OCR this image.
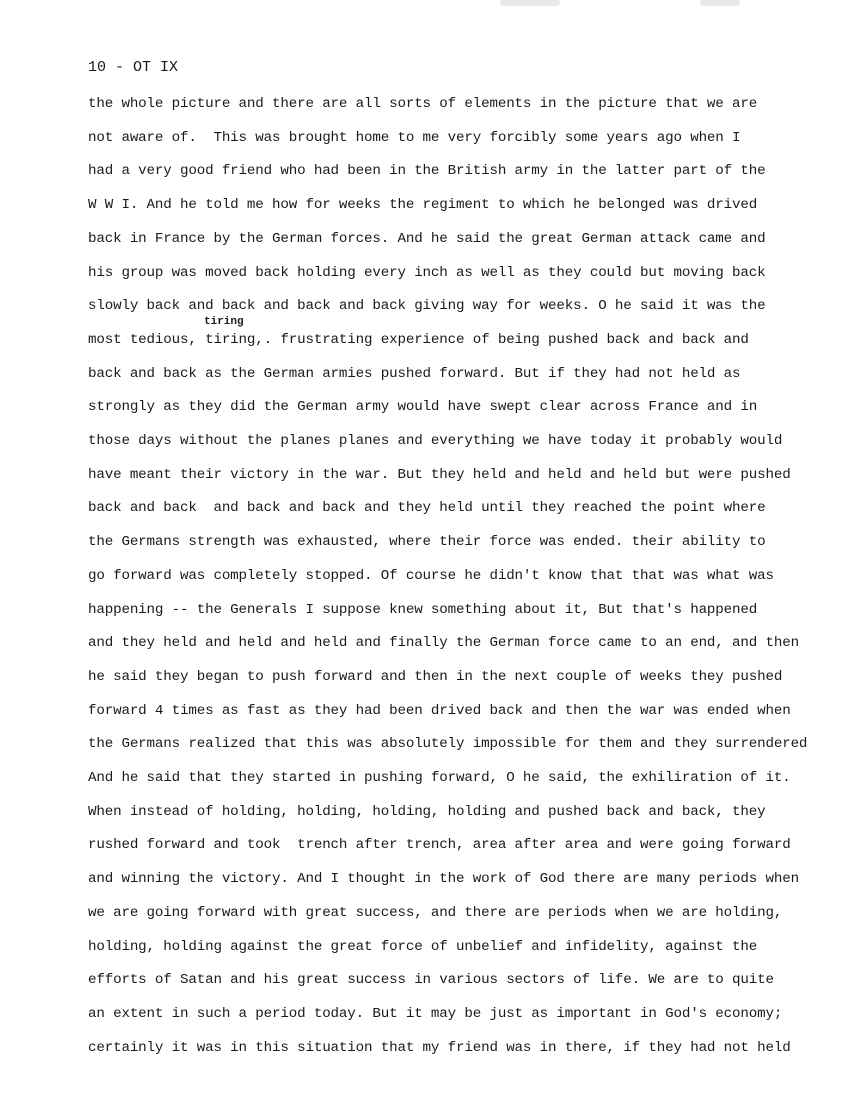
10 - OT IX
tiring
the whole picture and there are all sorts of elements in the picture that we are
not aware of.  This was brought home to me very forcibly some years ago when I
had a very good friend who had been in the British army in the latter part of the
W W I. And he told me how for weeks the regiment to which he belonged was drived
back in France by the German forces. And he said the great German attack came and
his group was moved back holding every inch as well as they could but moving back
slowly back and back and back and back giving way for weeks. O he said it was the
most tedious, tiring,. frustrating experience of being pushed back and back and
back and back as the German armies pushed forward. But if they had not held as
strongly as they did the German army would have swept clear across France and in
those days without the planes planes and everything we have today it probably would
have meant their victory in the war. But they held and held and held but were pushed
back and back  and back and back and they held until they reached the point where
the Germans strength was exhausted, where their force was ended. their ability to
go forward was completely stopped. Of course he didn't know that that was what was
happening -- the Generals I suppose knew something about it, But that's happened
and they held and held and held and finally the German force came to an end, and then
he said they began to push forward and then in the next couple of weeks they pushed
forward 4 times as fast as they had been drived back and then the war was ended when
the Germans realized that this was absolutely impossible for them and they surrendered
And he said that they started in pushing forward, O he said, the exhiliration of it.
When instead of holding, holding, holding, holding and pushed back and back, they
rushed forward and took  trench after trench, area after area and were going forward
and winning the victory. And I thought in the work of God there are many periods when
we are going forward with great success, and there are periods when we are holding,
holding, holding against the great force of unbelief and infidelity, against the
efforts of Satan and his great success in various sectors of life. We are to quite
an extent in such a period today. But it may be just as important in God's economy;
certainly it was in this situation that my friend was in there, if they had not held
